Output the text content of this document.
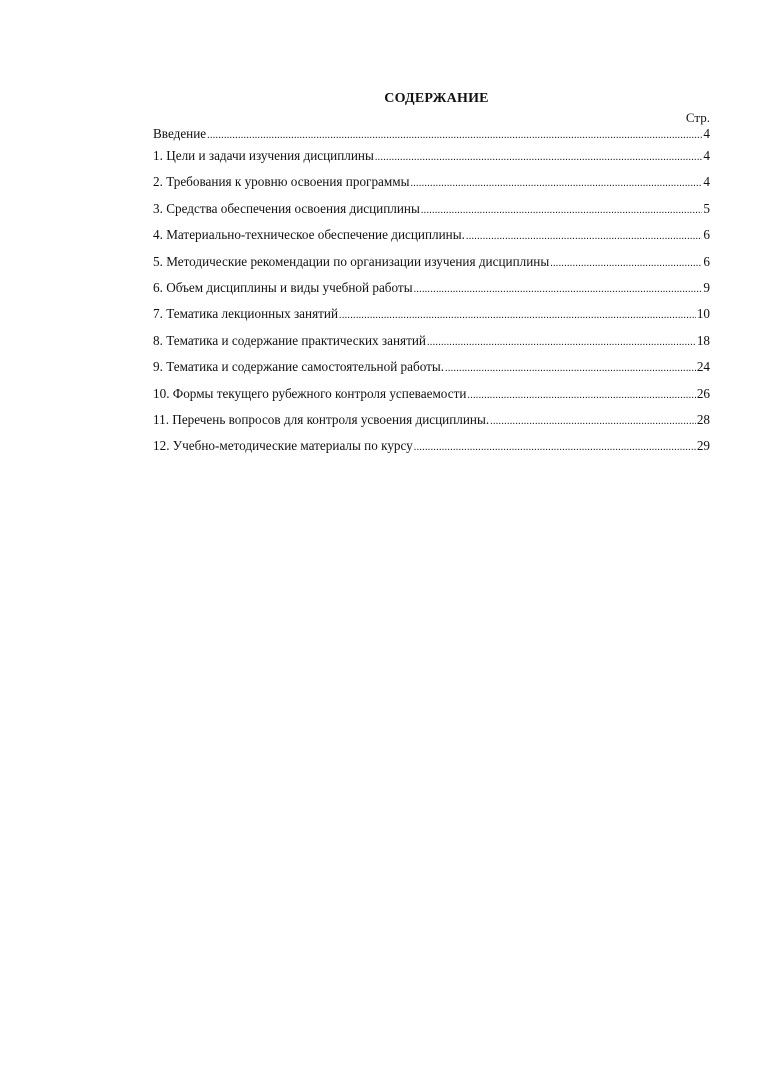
СОДЕРЖАНИЕ
Стр.
Введение .....	4
1. Цели и задачи изучения дисциплины .....	4
2. Требования к уровню освоения программы .....	4
3. Средства обеспечения освоения дисциплины .....	5
4. Материально-техническое обеспечение дисциплины. .....	6
5. Методические рекомендации по организации изучения дисциплины .....	6
6. Объем дисциплины и виды учебной работы .....	9
7. Тематика лекционных занятий .....	10
8. Тематика и содержание практических занятий .....	18
9. Тематика и содержание самостоятельной работы. .....	24
10. Формы текущего рубежного контроля успеваемости .....	26
11. Перечень вопросов для контроля усвоения дисциплины. .....	28
12. Учебно-методические материалы по курсу .....	29
